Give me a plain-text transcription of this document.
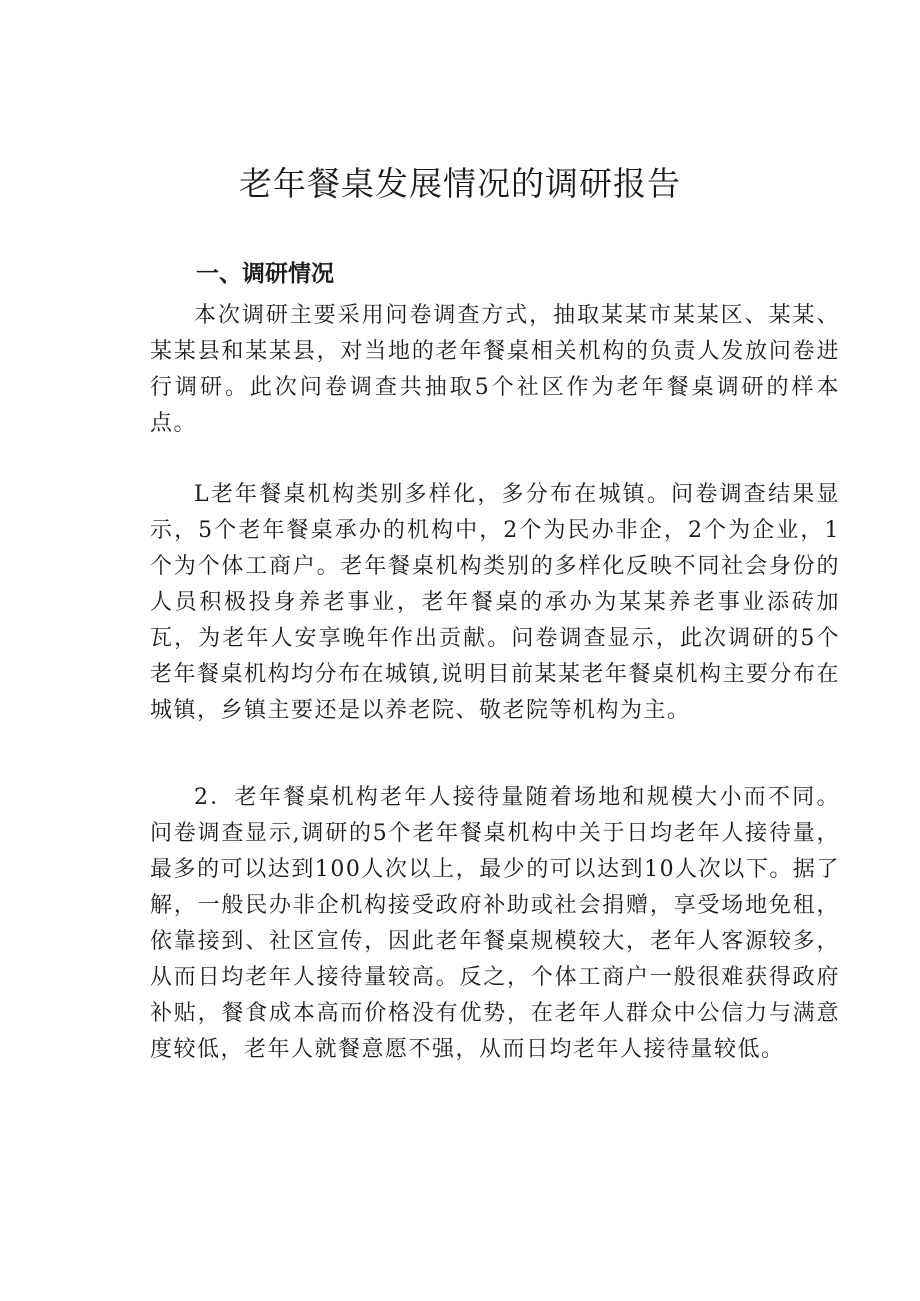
老年餐桌发展情况的调研报告
一、调研情况

本次调研主要采用问卷调查方式，抽取某某市某某区、某某、某某县和某某县，对当地的老年餐桌相关机构的负责人发放问卷进行调研。此次问卷调查共抽取5个社区作为老年餐桌调研的样本点。

L老年餐桌机构类别多样化，多分布在城镇。问卷调查结果显示，5个老年餐桌承办的机构中，2个为民办非企，2个为企业，1个为个体工商户。老年餐桌机构类别的多样化反映不同社会身份的人员积极投身养老事业，老年餐桌的承办为某某养老事业添砖加瓦，为老年人安享晚年作出贡献。问卷调查显示，此次调研的5个老年餐桌机构均分布在城镇,说明目前某某老年餐桌机构主要分布在城镇，乡镇主要还是以养老院、敬老院等机构为主。

2．老年餐桌机构老年人接待量随着场地和规模大小而不同。问卷调查显示,调研的5个老年餐桌机构中关于日均老年人接待量，最多的可以达到100人次以上，最少的可以达到10人次以下。据了解，一般民办非企机构接受政府补助或社会捐赠，享受场地免租，依靠接到、社区宣传，因此老年餐桌规模较大，老年人客源较多，从而日均老年人接待量较高。反之，个体工商户一般很难获得政府补贴，餐食成本高而价格没有优势，在老年人群众中公信力与满意度较低，老年人就餐意愿不强，从而日均老年人接待量较低。
